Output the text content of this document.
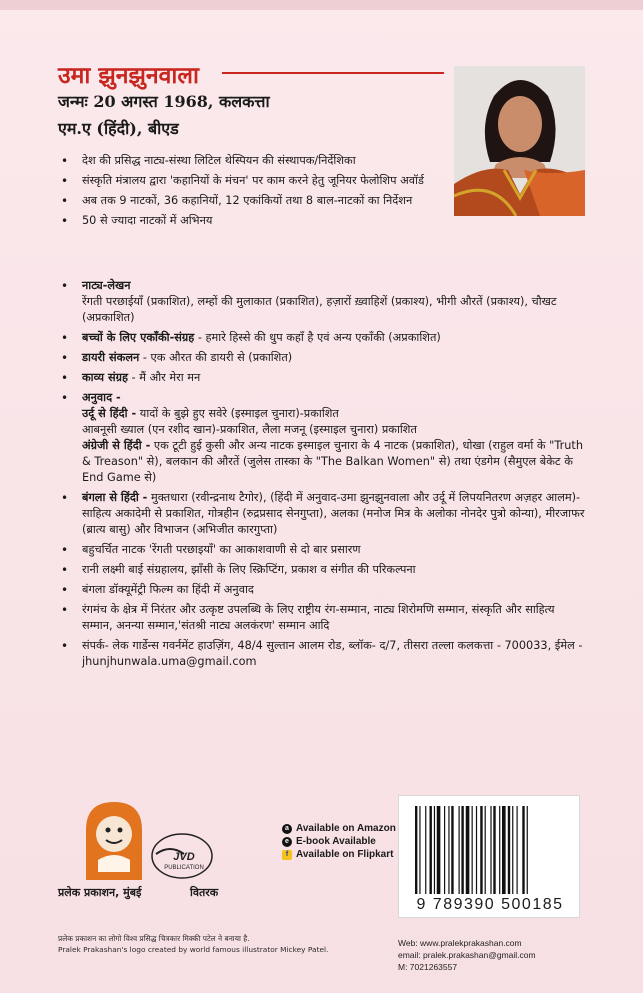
उमा झुनझुनवाला
जन्मः 20 अगस्त 1968, कलकत्ता
एम.ए (हिंदी), बीएड
• देश की प्रसिद्ध नाट्य-संस्था लिटिल थेस्पियन की संस्थापक/निर्देशिका
• संस्कृति मंत्रालय द्वारा 'कहानियों के मंचन' पर काम करने हेतु जूनियर फेलोशिप अवॉर्ड
• अब तक 9 नाटकों, 36 कहानियों, 12 एकांकियों तथा 8 बाल-नाटकों का निर्देशन
• 50 से ज्यादा नाटकों में अभिनय
• नाट्य-लेखन
रेंगती परछाईयाँ (प्रकाशित), लम्हों की मुलाकात (प्रकाशित), हज़ारों ख़्वाहिशें (प्रकाश्य), भीगी औरतें (प्रकाश्य), चौखट (अप्रकाशित)
• बच्चों के लिए एकाँकी-संग्रह - हमारे हिस्से की धुप कहाँ है एवं अन्य एकाँकी (अप्रकाशित)
• डायरी संकलन - एक औरत की डायरी से (प्रकाशित)
• काव्य संग्रह - मैं और मेरा मन
• अनुवाद -
उर्दू से हिंदी - यादों के बुझे हुए सवेरे (इस्माइल चुनारा)-प्रकाशित
आबनूसी ख्याल (एन रशीद खान)-प्रकाशित, लैला मजनू (इस्माइल चुनारा) प्रकाशित
अंग्रेजी से हिंदी - एक टूटी हुई कुसी और अन्य नाटक इस्माइल चुनारा के 4 नाटक (प्रकाशित), धोखा (राहुल वर्मा के "Truth & Treason" से), बलकान की औरतें (जुलेस तास्का के "The Balkan Women" से) तथा एंडगेम (सैमुएल बेकेट के End Game से)
• बंगला से हिंदी - मुक्तधारा (रवीन्द्रनाथ टैगोर), (हिंदी में अनुवाद-उमा झुनझुनवाला और उर्दू में लिपयनितरण अज़हर आलम)- साहित्य अकादेमी से प्रकाशित, गोत्रहीन (रुद्रप्रसाद सेनगुप्ता), अलका (मनोज मित्र के अलोका नोनदेर पुत्रो कोन्या), मीरजाफर (ब्रात्य बासु) और विभाजन (अभिजीत कारगुप्ता)
• बहुचर्चित नाटक 'रेंगती परछाइयाँ' का आकाशवाणी से दो बार प्रसारण
• रानी लक्ष्मी बाई संग्रहालय, झाँसी के लिए स्क्रिप्टिंग, प्रकाश व संगीत की परिकल्पना
• बंगला डॉक्यूमेंट्री फिल्म का हिंदी में अनुवाद
• रंगमंच के क्षेत्र में निरंतर और उत्कृष्ट उपलब्धि के लिए राष्ट्रीय रंग-सम्मान, नाट्य शिरोमणि सम्मान, संस्कृति और साहित्य सम्मान, अनन्या सम्मान,'संतश्री नाट्य अलकंरण' सम्मान आदि
• संपर्क- लेक गार्डेन्स गवर्नमेंट हाउज़िंग, 48/4 सुल्तान आलम रोड, ब्लॉक- द/7, तीसरा तल्ला कलकत्ता - 700033, ईमेल - jhunjhunwala.uma@gmail.com
JVD
PUBLICATION
प्रलेक प्रकाशन, मुंबई	वितरक
प्रलेक प्रकाशन का लोगो विश्व प्रसिद्ध चित्रकार मिक्की पटेल ने बनाया है.
Pralek Prakashan's logo created by world famous illustrator Mickey Patel.
a Available on Amazon
e E-book Available
f Available on Flipkart
9 789390 500185
Web: www.pralekprakashan.com
email: pralek.prakashan@gmail.com
M: 7021263557
